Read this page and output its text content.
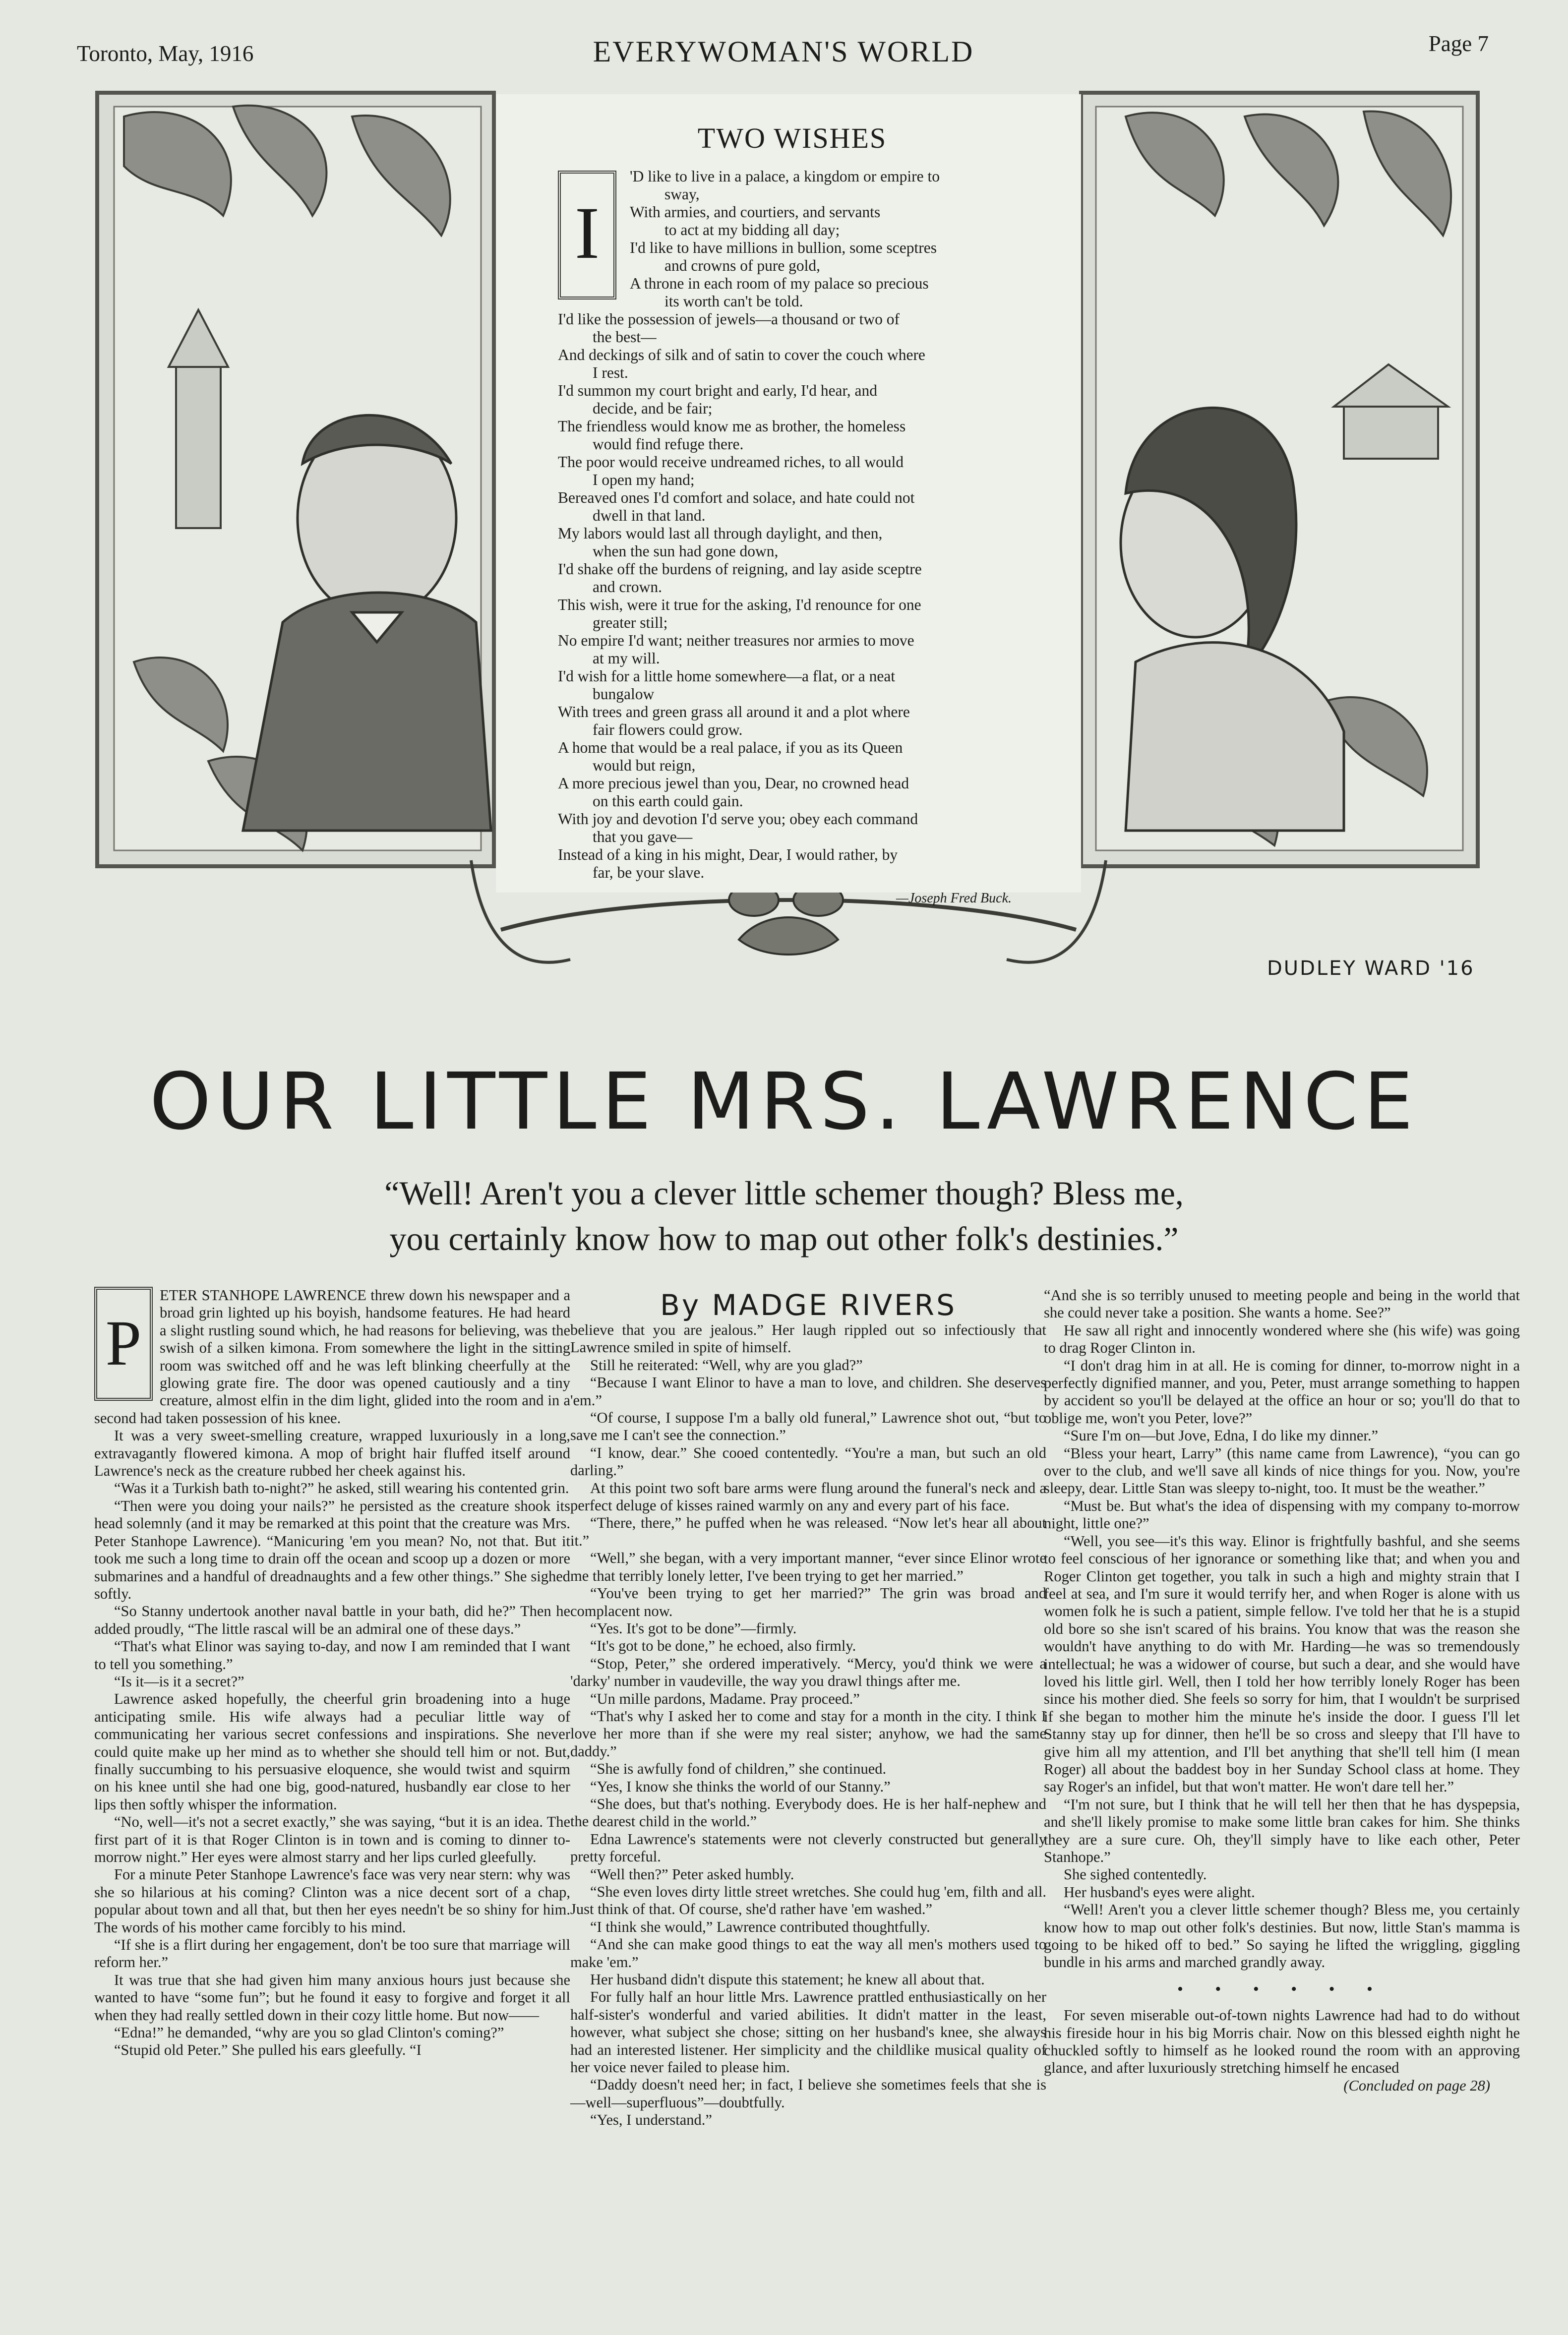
Toronto, May, 1916	EVERYWOMAN'S WORLD	Page 7
TWO WISHES
I

'D like to live in a palace, a kingdom or empire to
sway,

With armies, and courtiers, and servants
to act at my bidding all day;

I'd like to have millions in bullion, some sceptres
and crowns of pure gold,

A throne in each room of my palace so precious
its worth can't be told.

I'd like the possession of jewels—a thousand or two of
the best—

And deckings of silk and of satin to cover the couch where
I rest.

I'd summon my court bright and early, I'd hear, and
decide, and be fair;

The friendless would know me as brother, the homeless
would find refuge there.

The poor would receive undreamed riches, to all would
I open my hand;

Bereaved ones I'd comfort and solace, and hate could not
dwell in that land.

My labors would last all through daylight, and then,
when the sun had gone down,

I'd shake off the burdens of reigning, and lay aside sceptre
and crown.

This wish, were it true for the asking, I'd renounce for one
greater still;

No empire I'd want; neither treasures nor armies to move
at my will.

I'd wish for a little home somewhere—a flat, or a neat
bungalow

With trees and green grass all around it and a plot where
fair flowers could grow.

A home that would be a real palace, if you as its Queen
would but reign,

A more precious jewel than you, Dear, no crowned head
on this earth could gain.

With joy and devotion I'd serve you; obey each command
that you gave—

Instead of a king in his might, Dear, I would rather, by
far, be your slave.

—Joseph Fred Buck.
DUDLEY WARD '16
OUR LITTLE MRS. LAWRENCE
“Well! Aren't you a clever little schemer though? Bless me,
you certainly know how to map out other folk's destinies.”
By MADGE RIVERS
P

ETER STANHOPE LAWRENCE threw down his newspaper and a broad grin lighted up his boyish, handsome features. He had heard a slight rustling sound which, he had reasons for believing, was the swish of a silken kimona. From somewhere the light in the sitting room was switched off and he was left blinking cheerfully at the glowing grate fire. The door was opened cautiously and a tiny creature, almost elfin in the dim light, glided into the room and in a second had taken possession of his knee.

It was a very sweet-smelling creature, wrapped luxuriously in a long, extravagantly flowered kimona. A mop of bright hair fluffed itself around Lawrence's neck as the creature rubbed her cheek against his.

“Was it a Turkish bath to-night?” he asked, still wearing his contented grin.

“Then were you doing your nails?” he persisted as the creature shook its head solemnly (and it may be remarked at this point that the creature was Mrs. Peter Stanhope Lawrence). “Manicuring 'em you mean? No, not that. But it took me such a long time to drain off the ocean and scoop up a dozen or more submarines and a handful of dreadnaughts and a few other things.” She sighed softly.

“So Stanny undertook another naval battle in your bath, did he?” Then he added proudly, “The little rascal will be an admiral one of these days.”

“That's what Elinor was saying to-day, and now I am reminded that I want to tell you something.”

“Is it—is it a secret?”

Lawrence asked hopefully, the cheerful grin broadening into a huge anticipating smile. His wife always had a peculiar little way of communicating her various secret confessions and inspirations. She never could quite make up her mind as to whether she should tell him or not. But, finally succumbing to his persuasive eloquence, she would twist and squirm on his knee until she had one big, good-natured, husbandly ear close to her lips then softly whisper the information.

“No, well—it's not a secret exactly,” she was saying, “but it is an idea. The first part of it is that Roger Clinton is in town and is coming to dinner to-morrow night.” Her eyes were almost starry and her lips curled gleefully.

For a minute Peter Stanhope Lawrence's face was very near stern: why was she so hilarious at his coming? Clinton was a nice decent sort of a chap, popular about town and all that, but then her eyes needn't be so shiny for him. The words of his mother came forcibly to his mind.

“If she is a flirt during her engagement, don't be too sure that marriage will reform her.”

It was true that she had given him many anxious hours just because she wanted to have “some fun”; but he found it easy to forgive and forget it all when they had really settled down in their cozy little home. But now——

“Edna!” he demanded, “why are you so glad Clinton's coming?”

“Stupid old Peter.” She pulled his ears gleefully. “I

believe that you are jealous.” Her laugh rippled out so infectiously that Lawrence smiled in spite of himself.

Still he reiterated: “Well, why are you glad?”

“Because I want Elinor to have a man to love, and children. She deserves 'em.”

“Of course, I suppose I'm a bally old funeral,” Lawrence shot out, “but to save me I can't see the connection.”

“I know, dear.” She cooed contentedly. “You're a man, but such an old darling.”

At this point two soft bare arms were flung around the funeral's neck and a perfect deluge of kisses rained warmly on any and every part of his face.

“There, there,” he puffed when he was released. “Now let's hear all about it.”

“Well,” she began, with a very important manner, “ever since Elinor wrote me that terribly lonely letter, I've been trying to get her married.”

“You've been trying to get her married?” The grin was broad and complacent now.

“Yes. It's got to be done”—firmly.

“It's got to be done,” he echoed, also firmly.

“Stop, Peter,” she ordered imperatively. “Mercy, you'd think we were a 'darky' number in vaudeville, the way you drawl things after me.

“Un mille pardons, Madame. Pray proceed.”

“That's why I asked her to come and stay for a month in the city. I think I love her more than if she were my real sister; anyhow, we had the same daddy.”

“She is awfully fond of children,” she continued.

“Yes, I know she thinks the world of our Stanny.”

“She does, but that's nothing. Everybody does. He is her half-nephew and the dearest child in the world.”

Edna Lawrence's statements were not cleverly constructed but generally pretty forceful.

“Well then?” Peter asked humbly.

“She even loves dirty little street wretches. She could hug 'em, filth and all. Just think of that. Of course, she'd rather have 'em washed.”

“I think she would,” Lawrence contributed thoughtfully.

“And she can make good things to eat the way all men's mothers used to make 'em.”

Her husband didn't dispute this statement; he knew all about that.

For fully half an hour little Mrs. Lawrence prattled enthusiastically on her half-sister's wonderful and varied abilities. It didn't matter in the least, however, what subject she chose; sitting on her husband's knee, she always had an interested listener. Her simplicity and the childlike musical quality of her voice never failed to please him.

“Daddy doesn't need her; in fact, I believe she sometimes feels that she is—well—superfluous”—doubtfully.

“Yes, I understand.”

“And she is so terribly unused to meeting people and being in the world that she could never take a position. She wants a home. See?”

He saw all right and innocently wondered where she (his wife) was going to drag Roger Clinton in.

“I don't drag him in at all. He is coming for dinner, to-morrow night in a perfectly dignified manner, and you, Peter, must arrange something to happen by accident so you'll be delayed at the office an hour or so; you'll do that to oblige me, won't you Peter, love?”

“Sure I'm on—but Jove, Edna, I do like my dinner.”

“Bless your heart, Larry” (this name came from Lawrence), “you can go over to the club, and we'll save all kinds of nice things for you. Now, you're sleepy, dear. Little Stan was sleepy to-night, too. It must be the weather.”

“Must be. But what's the idea of dispensing with my company to-morrow night, little one?”

“Well, you see—it's this way. Elinor is frightfully bashful, and she seems to feel conscious of her ignorance or something like that; and when you and Roger Clinton get together, you talk in such a high and mighty strain that I feel at sea, and I'm sure it would terrify her, and when Roger is alone with us women folk he is such a patient, simple fellow. I've told her that he is a stupid old bore so she isn't scared of his brains. You know that was the reason she wouldn't have anything to do with Mr. Harding—he was so tremendously intellectual; he was a widower of course, but such a dear, and she would have loved his little girl. Well, then I told her how terribly lonely Roger has been since his mother died. She feels so sorry for him, that I wouldn't be surprised if she began to mother him the minute he's inside the door. I guess I'll let Stanny stay up for dinner, then he'll be so cross and sleepy that I'll have to give him all my attention, and I'll bet anything that she'll tell him (I mean Roger) all about the baddest boy in her Sunday School class at home. They say Roger's an infidel, but that won't matter. He won't dare tell her.”

“I'm not sure, but I think that he will tell her then that he has dyspepsia, and she'll likely promise to make some little bran cakes for him. She thinks they are a sure cure. Oh, they'll simply have to like each other, Peter Stanhope.”

She sighed contentedly.

Her husband's eyes were alight.

“Well! Aren't you a clever little schemer though? Bless me, you certainly know how to map out other folk's destinies. But now, little Stan's mamma is going to be hiked off to bed.” So saying he lifted the wriggling, giggling bundle in his arms and marched grandly away.

• • • • • •

For seven miserable out-of-town nights Lawrence had had to do without his fireside hour in his big Morris chair. Now on this blessed eighth night he chuckled softly to himself as he looked round the room with an approving glance, and after luxuriously stretching himself he encased

(Concluded on page 28)
